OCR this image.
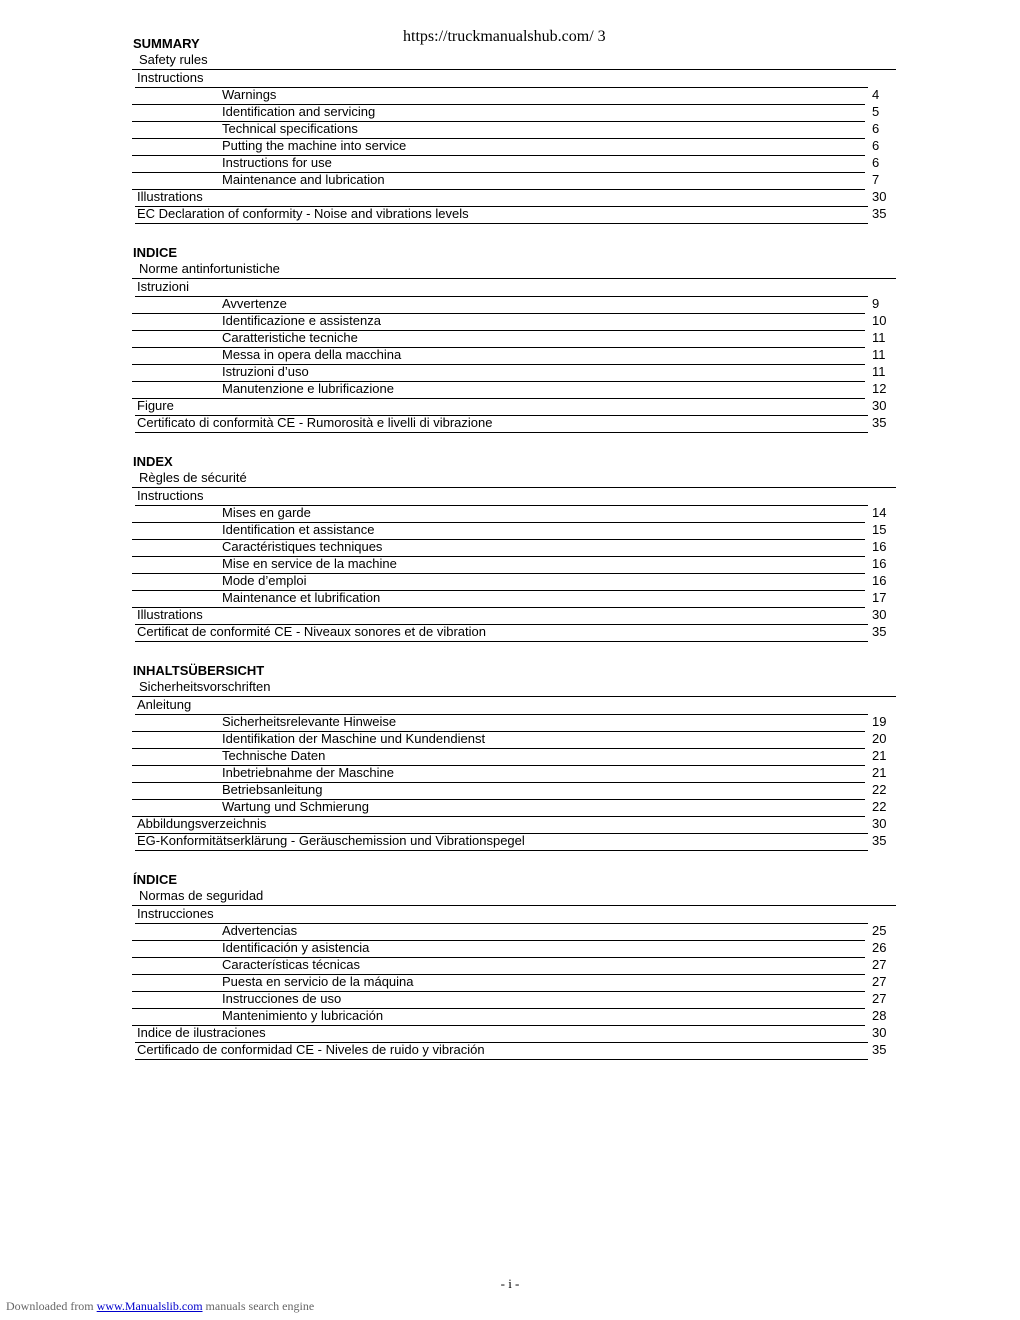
https://truckmanualshub.com/ 3
SUMMARY
Safety rules
Instructions
Warnings	4
Identification and servicing	5
Technical specifications	6
Putting the machine into service	6
Instructions for use	6
Maintenance and lubrication	7
Illustrations	30
EC Declaration of conformity - Noise and vibrations levels	35
INDICE
Norme antinfortunistiche
Istruzioni
Avvertenze	9
Identificazione e assistenza	10
Caratteristiche tecniche	11
Messa in opera della macchina	11
Istruzioni d’uso	11
Manutenzione e lubrificazione	12
Figure	30
Certificato di conformità CE - Rumorosità e livelli di vibrazione	35
INDEX
Règles de sécurité
Instructions
Mises en garde	14
Identification et assistance	15
Caractéristiques techniques	16
Mise en service de la machine	16
Mode d’emploi	16
Maintenance et lubrification	17
Illustrations	30
Certificat de conformité CE - Niveaux sonores et de vibration	35
INHALTSÜBERSICHT
Sicherheitsvorschriften
Anleitung
Sicherheitsrelevante Hinweise	19
Identifikation der Maschine und Kundendienst	20
Technische Daten	21
Inbetriebnahme der Maschine	21
Betriebsanleitung	22
Wartung und Schmierung	22
Abbildungsverzeichnis	30
EG-Konformitätserklärung - Geräuschemission und Vibrationspegel	35
ÍNDICE
Normas de seguridad
Instrucciones
Advertencias	25
Identificación y asistencia	26
Características técnicas	27
Puesta en servicio de la máquina	27
Instrucciones de uso	27
Mantenimiento y lubricación	28
Indice de ilustraciones	30
Certificado de conformidad CE - Niveles de ruido y vibración	35
- i -
Downloaded from www.Manualslib.com manuals search engine
